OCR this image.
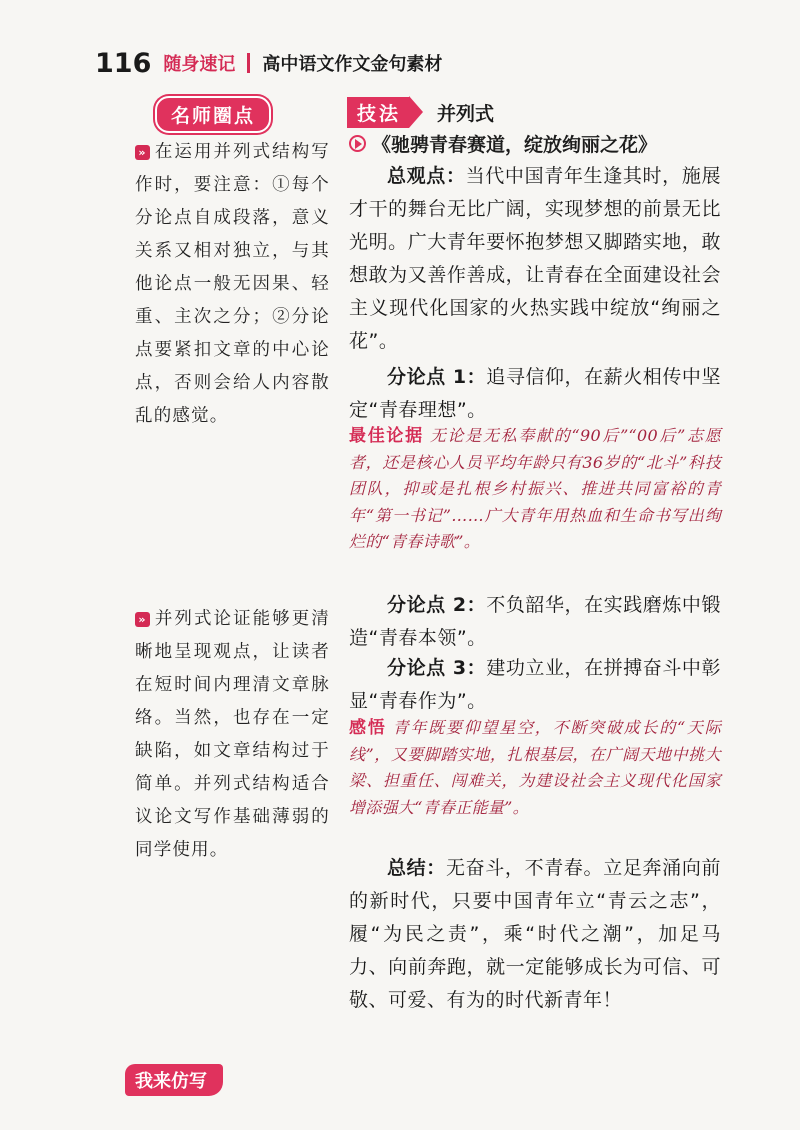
116 随身速记 高中语文作文金句素材
名师圈点
» 在运用并列式结构写作时，要注意：①每个分论点自成段落，意义关系又相对独立，与其他论点一般无因果、轻重、主次之分；②分论点要紧扣文章的中心论点，否则会给人内容散乱的感觉。
» 并列式论证能够更清晰地呈现观点，让读者在短时间内理清文章脉络。当然，也存在一定缺陷，如文章结构过于简单。并列式结构适合议论文写作基础薄弱的同学使用。
技法	并列式
《驰骋青春赛道，绽放绚丽之花》
总观点：当代中国青年生逢其时，施展才干的舞台无比广阔，实现梦想的前景无比光明。广大青年要怀抱梦想又脚踏实地，敢想敢为又善作善成，让青春在全面建设社会主义现代化国家的火热实践中绽放“绚丽之花”。
分论点 1：追寻信仰，在薪火相传中坚定“青春理想”。
最佳论据 无论是无私奉献的“90后”“00后”志愿者，还是核心人员平均年龄只有36岁的“北斗”科技团队，抑或是扎根乡村振兴、推进共同富裕的青年“第一书记”……广大青年用热血和生命书写出绚烂的“青春诗歌”。
分论点 2：不负韶华，在实践磨炼中锻造“青春本领”。
分论点 3：建功立业，在拼搏奋斗中彰显“青春作为”。
感悟 青年既要仰望星空，不断突破成长的“天际线”，又要脚踏实地，扎根基层，在广阔天地中挑大梁、担重任、闯难关，为建设社会主义现代化国家增添强大“青春正能量”。
总结：无奋斗，不青春。立足奔涌向前的新时代，只要中国青年立“青云之志”，履“为民之责”，乘“时代之潮”，加足马力、向前奔跑，就一定能够成长为可信、可敬、可爱、有为的时代新青年！
我来仿写
